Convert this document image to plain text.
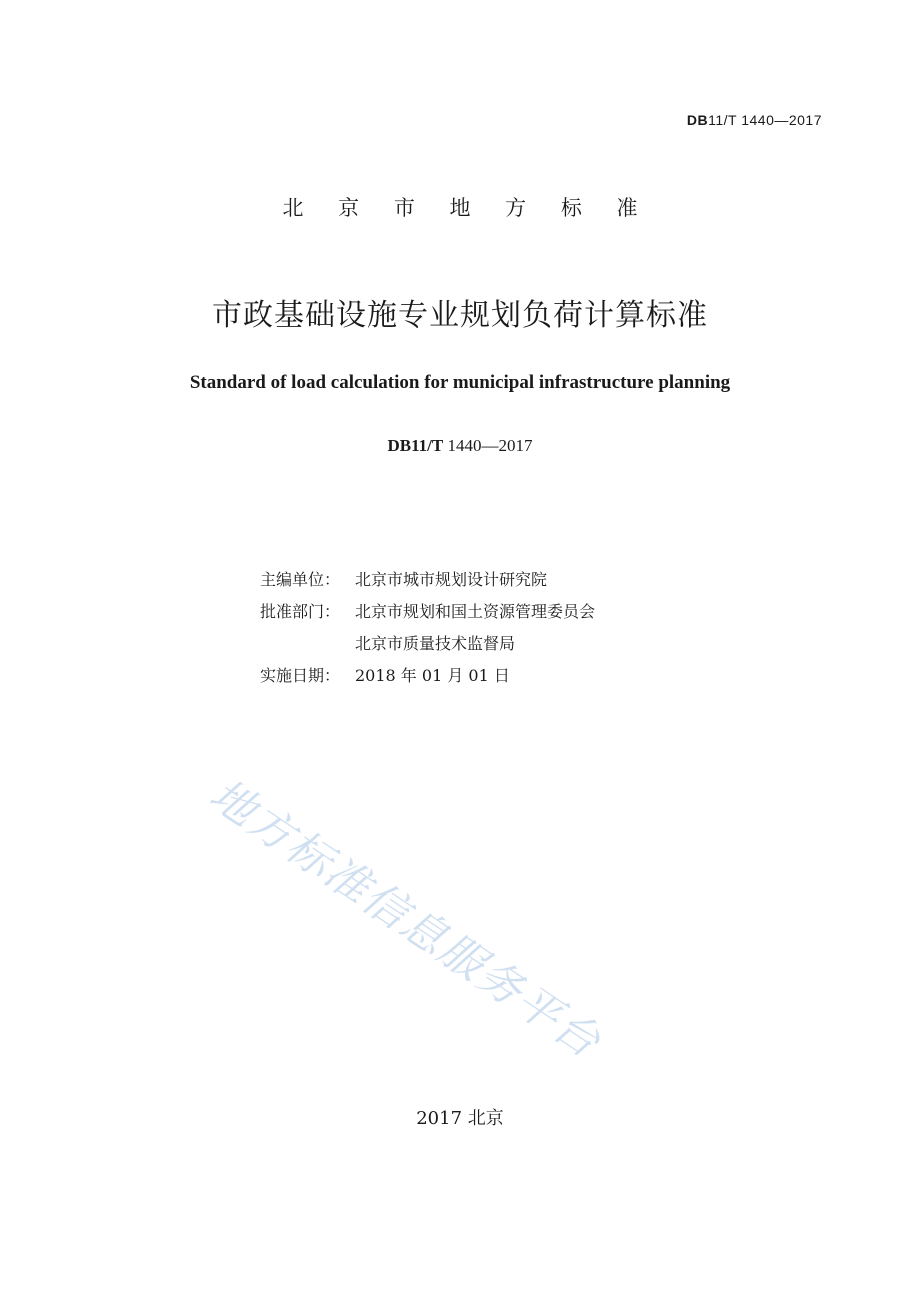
DB11/T 1440—2017
北 京 市 地 方 标 准
市政基础设施专业规划负荷计算标准
Standard of load calculation for municipal infrastructure planning
DB11/T 1440—2017
主编单位： 北京市城市规划设计研究院
批准部门： 北京市规划和国土资源管理委员会
北京市质量技术监督局
实施日期： 2018 年 01 月 01 日
地方标准信息服务平台
2017 北京
